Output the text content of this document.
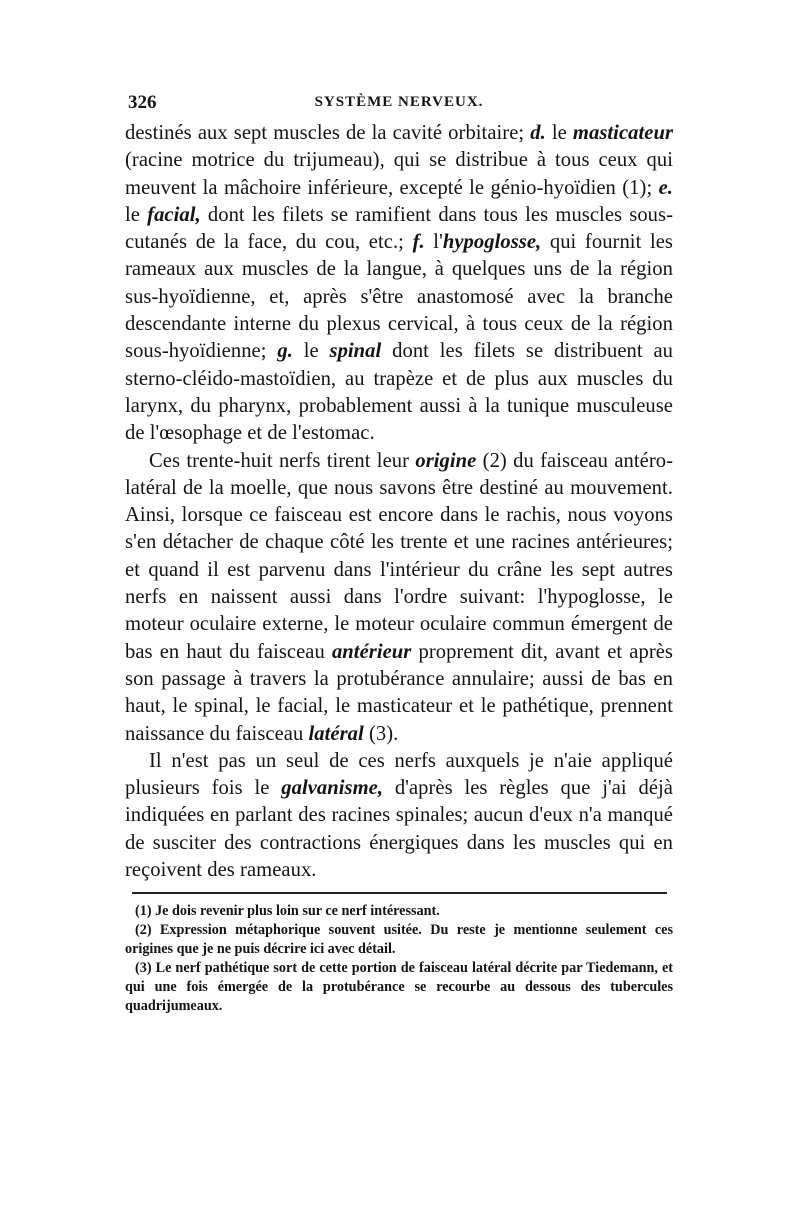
326	SYSTÈME NERVEUX.

destinés aux sept muscles de la cavité orbitaire; d. le masticateur (racine motrice du trijumeau), qui se distribue à tous ceux qui meuvent la mâchoire inférieure, excepté le génio-hyoïdien (1); e. le facial, dont les filets se ramifient dans tous les muscles sous-cutanés de la face, du cou, etc.; f. l'hypoglosse, qui fournit les rameaux aux muscles de la langue, à quelques uns de la région sus-hyoïdienne, et, après s'être anastomosé avec la branche descendante interne du plexus cervical, à tous ceux de la région sous-hyoïdienne; g. le spinal dont les filets se distribuent au sterno-cléido-mastoïdien, au trapèze et de plus aux muscles du larynx, du pharynx, probablement aussi à la tunique musculeuse de l'œsophage et de l'estomac.

Ces trente-huit nerfs tirent leur origine (2) du faisceau antéro-latéral de la moelle, que nous savons être destiné au mouvement. Ainsi, lorsque ce faisceau est encore dans le rachis, nous voyons s'en détacher de chaque côté les trente et une racines antérieures; et quand il est parvenu dans l'intérieur du crâne les sept autres nerfs en naissent aussi dans l'ordre suivant: l'hypoglosse, le moteur oculaire externe, le moteur oculaire commun émergent de bas en haut du faisceau antérieur proprement dit, avant et après son passage à travers la protubérance annulaire; aussi de bas en haut, le spinal, le facial, le masticateur et le pathétique, prennent naissance du faisceau latéral (3).

Il n'est pas un seul de ces nerfs auxquels je n'aie appliqué plusieurs fois le galvanisme, d'après les règles que j'ai déjà indiquées en parlant des racines spinales; aucun d'eux n'a manqué de susciter des contractions énergiques dans les muscles qui en reçoivent des rameaux.

(1) Je dois revenir plus loin sur ce nerf intéressant.

(2) Expression métaphorique souvent usitée. Du reste je mentionne seulement ces origines que je ne puis décrire ici avec détail.

(3) Le nerf pathétique sort de cette portion de faisceau latéral décrite par Tiedemann, et qui une fois émergée de la protubérance se recourbe au dessous des tubercules quadrijumeaux.
